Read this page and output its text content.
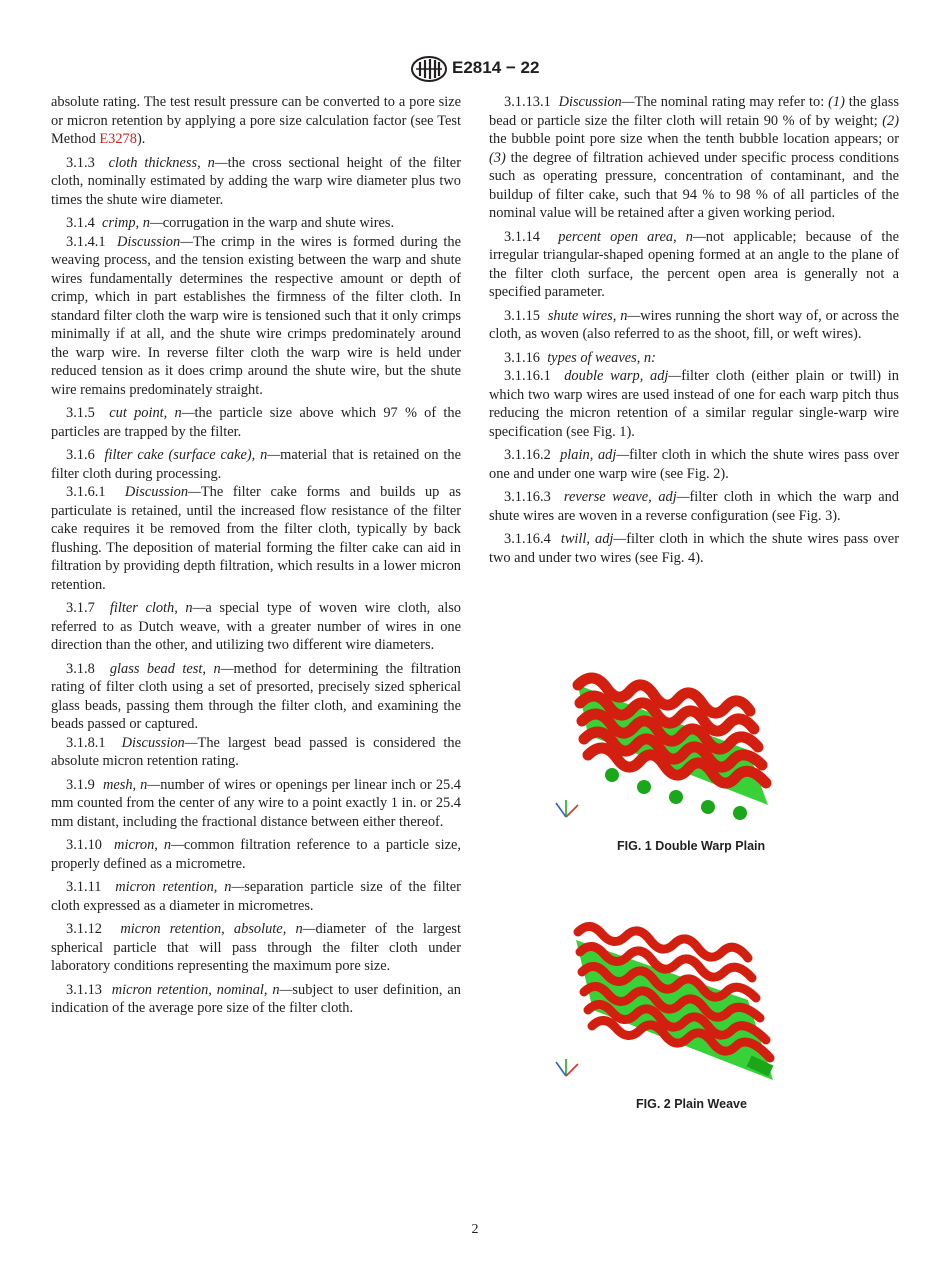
E2814 − 22

absolute rating. The test result pressure can be converted to a pore size or micron retention by applying a pore size calculation factor (see Test Method E3278).

3.1.3 cloth thickness, n—the cross sectional height of the filter cloth, nominally estimated by adding the warp wire diameter plus two times the shute wire diameter.

3.1.4 crimp, n—corrugation in the warp and shute wires.

3.1.4.1 Discussion—The crimp in the wires is formed during the weaving process, and the tension existing between the warp and shute wires fundamentally determines the respective amount or depth of crimp, which in part establishes the firmness of the filter cloth. In standard filter cloth the warp wire is tensioned such that it only crimps minimally if at all, and the shute wire crimps predominately around the warp wire. In reverse filter cloth the warp wire is held under reduced tension as it does crimp around the shute wire, but the shute wire remains predominately straight.

3.1.5 cut point, n—the particle size above which 97 % of the particles are trapped by the filter.

3.1.6 filter cake (surface cake), n—material that is retained on the filter cloth during processing.

3.1.6.1 Discussion—The filter cake forms and builds up as particulate is retained, until the increased flow resistance of the filter cake requires it be removed from the filter cloth, typically by back flushing. The deposition of material forming the filter cake can aid in filtration by providing depth filtration, which results in a lower micron retention.

3.1.7 filter cloth, n—a special type of woven wire cloth, also referred to as Dutch weave, with a greater number of wires in one direction than the other, and utilizing two different wire diameters.

3.1.8 glass bead test, n—method for determining the filtration rating of filter cloth using a set of presorted, precisely sized spherical glass beads, passing them through the filter cloth, and examining the beads passed or captured.

3.1.8.1 Discussion—The largest bead passed is considered the absolute micron retention rating.

3.1.9 mesh, n—number of wires or openings per linear inch or 25.4 mm counted from the center of any wire to a point exactly 1 in. or 25.4 mm distant, including the fractional distance between either thereof.

3.1.10 micron, n—common filtration reference to a particle size, properly defined as a micrometre.

3.1.11 micron retention, n—separation particle size of the filter cloth expressed as a diameter in micrometres.

3.1.12 micron retention, absolute, n—diameter of the largest spherical particle that will pass through the filter cloth under laboratory conditions representing the maximum pore size.

3.1.13 micron retention, nominal, n—subject to user definition, an indication of the average pore size of the filter cloth.

3.1.13.1 Discussion—The nominal rating may refer to: (1) the glass bead or particle size the filter cloth will retain 90 % of by weight; (2) the bubble point pore size when the tenth bubble location appears; or (3) the degree of filtration achieved under specific process conditions such as operating pressure, concentration of contaminant, and the buildup of filter cake, such that 94 % to 98 % of all particles of the nominal value will be retained after a given working period.

3.1.14 percent open area, n—not applicable; because of the irregular triangular-shaped opening formed at an angle to the plane of the filter cloth surface, the percent open area is generally not a specified parameter.

3.1.15 shute wires, n—wires running the short way of, or across the cloth, as woven (also referred to as the shoot, fill, or weft wires).

3.1.16 types of weaves, n:

3.1.16.1 double warp, adj—filter cloth (either plain or twill) in which two warp wires are used instead of one for each warp pitch thus reducing the micron retention of a similar regular single-warp wire specification (see Fig. 1).

3.1.16.2 plain, adj—filter cloth in which the shute wires pass over one and under one warp wire (see Fig. 2).

3.1.16.3 reverse weave, adj—filter cloth in which the warp and shute wires are woven in a reverse configuration (see Fig. 3).

3.1.16.4 twill, adj—filter cloth in which the shute wires pass over two and under two wires (see Fig. 4).

FIG. 1 Double Warp Plain
FIG. 2 Plain Weave
2
